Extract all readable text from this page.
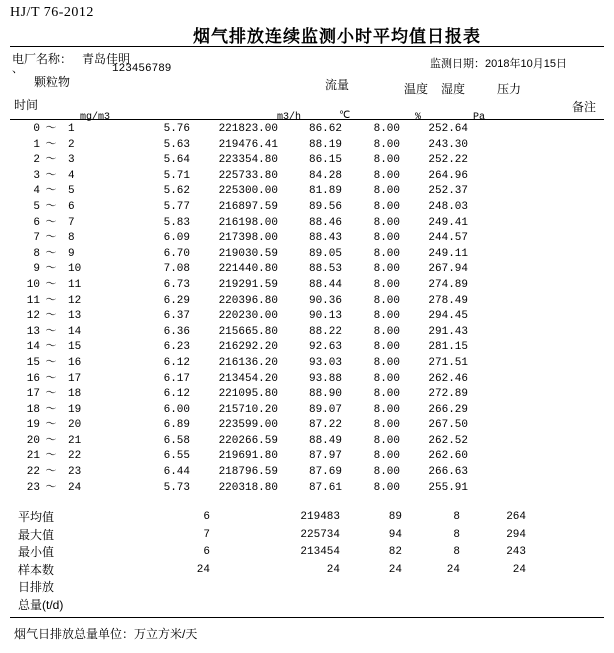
HJ/T 76-2012
烟气排放连续监测小时平均值日报表
电厂名称： 青岛佳明
、	123456789	监测日期：2018年10月15日
颗粒物	流量	温度 湿度	压力
备注
时间
mg/m3	m3/h	℃	%	Pa
0	～	1	5.76	221823.00	86.62	8.00	252.64	
1	～	2	5.63	219476.41	88.19	8.00	243.30	
2	～	3	5.64	223354.80	86.15	8.00	252.22	
3	～	4	5.71	225733.80	84.28	8.00	264.96	
4	～	5	5.62	225300.00	81.89	8.00	252.37	
5	～	6	5.77	216897.59	89.56	8.00	248.03	
6	～	7	5.83	216198.00	88.46	8.00	249.41	
7	～	8	6.09	217398.00	88.43	8.00	244.57	
8	～	9	6.70	219030.59	89.05	8.00	249.11	
9	～	10	7.08	221440.80	88.53	8.00	267.94	
10	～	11	6.73	219291.59	88.44	8.00	274.89	
11	～	12	6.29	220396.80	90.36	8.00	278.49	
12	～	13	6.37	220230.00	90.13	8.00	294.45	
13	～	14	6.36	215665.80	88.22	8.00	291.43	
14	～	15	6.23	216292.20	92.63	8.00	281.15	
15	～	16	6.12	216136.20	93.03	8.00	271.51	
16	～	17	6.17	213454.20	93.88	8.00	262.46	
17	～	18	6.12	221095.80	88.90	8.00	272.89	
18	～	19	6.00	215710.20	89.07	8.00	266.29	
19	～	20	6.89	223599.00	87.22	8.00	267.50	
20	～	21	6.58	220266.59	88.49	8.00	262.52	
21	～	22	6.55	219691.80	87.97	8.00	262.60	
22	～	23	6.44	218796.59	87.69	8.00	266.63	
23	～	24	5.73	220318.80	87.61	8.00	255.91	
平均值	6	219483	89	8	264	
最大值	7	225734	94	8	294	
最小值	6	213454	82	8	243	
样本数	24	24	24	24	24	
日排放						
总量(t/d)						
烟气日排放总量单位：万立方米/天
